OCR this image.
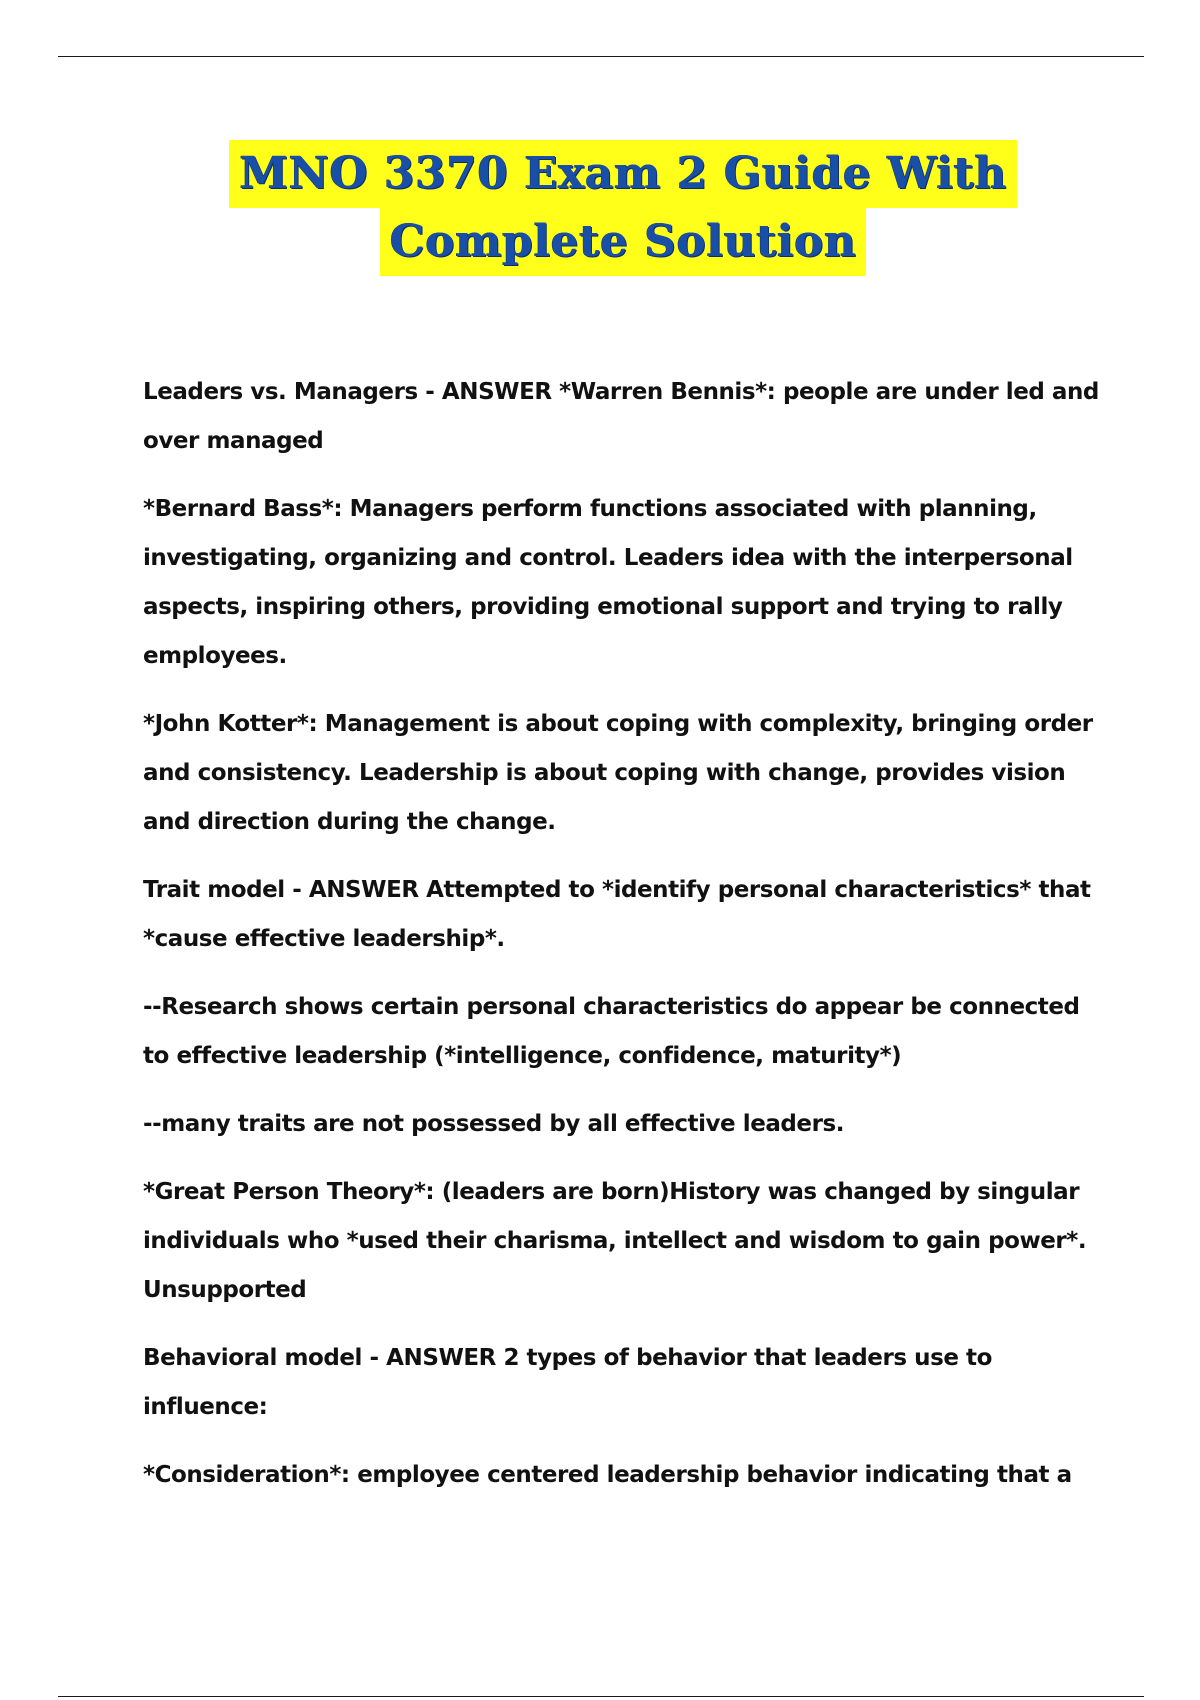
MNO 3370 Exam 2 Guide With
Complete Solution

Leaders vs. Managers - ANSWER *Warren Bennis*: people are under led and over managed

*Bernard Bass*: Managers perform functions associated with planning, investigating, organizing and control. Leaders idea with the interpersonal aspects, inspiring others, providing emotional support and trying to rally employees.

*John Kotter*: Management is about coping with complexity, bringing order and consistency. Leadership is about coping with change, provides vision and direction during the change.

Trait model - ANSWER Attempted to *identify personal characteristics* that *cause effective leadership*.

--Research shows certain personal characteristics do appear be connected to effective leadership (*intelligence, confidence, maturity*)

--many traits are not possessed by all effective leaders.

*Great Person Theory*: (leaders are born)History was changed by singular individuals who *used their charisma, intellect and wisdom to gain power*. Unsupported

Behavioral model - ANSWER 2 types of behavior that leaders use to influence:

*Consideration*: employee centered leadership behavior indicating that a
